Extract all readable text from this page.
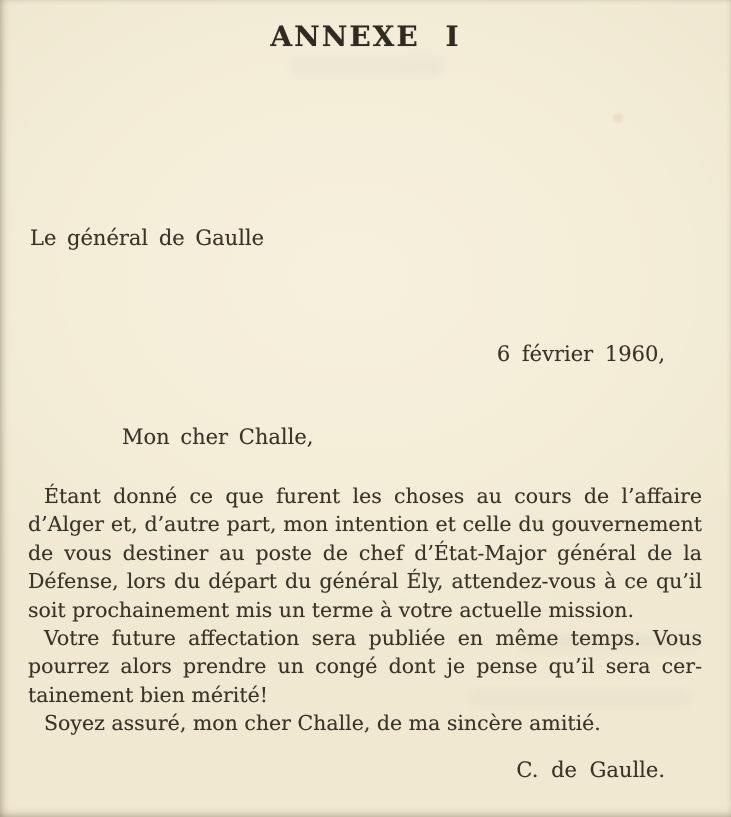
ANNEXE I
Le général de Gaulle
6 février 1960,
Mon cher Challe,
Étant donné ce que furent les choses au cours de l’affaire
d’Alger et, d’autre part, mon intention et celle du gouvernement
de vous destiner au poste de chef d’État-Major général de la
Défense, lors du départ du général Ély, attendez-vous à ce qu’il
soit prochainement mis un terme à votre actuelle mission.
Votre future affectation sera publiée en même temps. Vous
pourrez alors prendre un congé dont je pense qu’il sera cer-
tainement bien mérité!
Soyez assuré, mon cher Challe, de ma sincère amitié.
C. de Gaulle.
